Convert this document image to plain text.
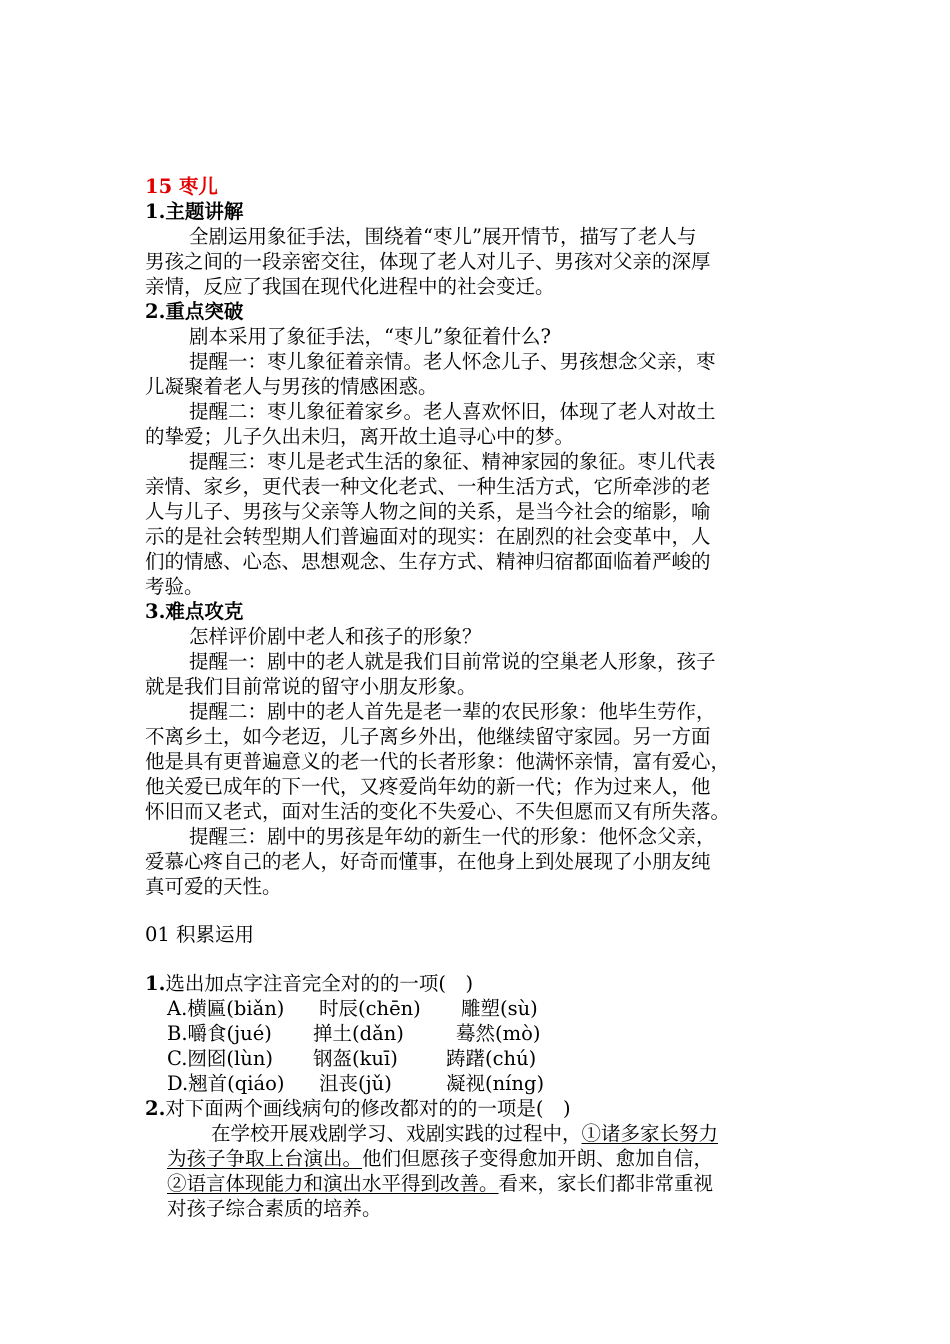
15 枣儿
1.主题讲解
全剧运用象征手法，围绕着“枣儿”展开情节，描写了老人与
男孩之间的一段亲密交往，体现了老人对儿子、男孩对父亲的深厚
亲情，反应了我国在现代化进程中的社会变迁。
2.重点突破
剧本采用了象征手法，“枣儿”象征着什么?
提醒一：枣儿象征着亲情。老人怀念儿子、男孩想念父亲，枣
儿凝聚着老人与男孩的情感困惑。
提醒二：枣儿象征着家乡。老人喜欢怀旧，体现了老人对故土
的挚爱；儿子久出未归，离开故土追寻心中的梦。
提醒三：枣儿是老式生活的象征、精神家园的象征。枣儿代表
亲情、家乡，更代表一种文化老式、一种生活方式，它所牵涉的老
人与儿子、男孩与父亲等人物之间的关系，是当今社会的缩影，喻
示的是社会转型期人们普遍面对的现实：在剧烈的社会变革中，人
们的情感、心态、思想观念、生存方式、精神归宿都面临着严峻的
考验。
3.难点攻克
怎样评价剧中老人和孩子的形象？
提醒一：剧中的老人就是我们目前常说的空巢老人形象，孩子
就是我们目前常说的留守小朋友形象。
提醒二：剧中的老人首先是老一辈的农民形象：他毕生劳作，
不离乡土，如今老迈，儿子离乡外出，他继续留守家园。另一方面
他是具有更普遍意义的老一代的长者形象：他满怀亲情，富有爱心，
他关爱已成年的下一代，又疼爱尚年幼的新一代；作为过来人，他
怀旧而又老式，面对生活的变化不失爱心、不失但愿而又有所失落。
提醒三：剧中的男孩是年幼的新生一代的形象：他怀念父亲，
爱慕心疼自己的老人，好奇而懂事，在他身上到处展现了小朋友纯
真可爱的天性。
01 积累运用
1.选出加点字注音完全对的的一项(　)
A.横匾(biǎn) 时辰(chēn) 雕塑(sù)
B.嚼食(jué) 掸土(dǎn)	蓦然(mò)
C.囫囵(lùn) 钢盔(kuī) 踌躇(chú)
D.翘首(qiáo) 沮丧(jǔ)	凝视(níng)
2.对下面两个画线病句的修改都对的的一项是(　)
在学校开展戏剧学习、戏剧实践的过程中，①诸多家长努力
为孩子争取上台演出。他们但愿孩子变得愈加开朗、愈加自信，
②语言体现能力和演出水平得到改善。看来，家长们都非常重视
对孩子综合素质的培养。
